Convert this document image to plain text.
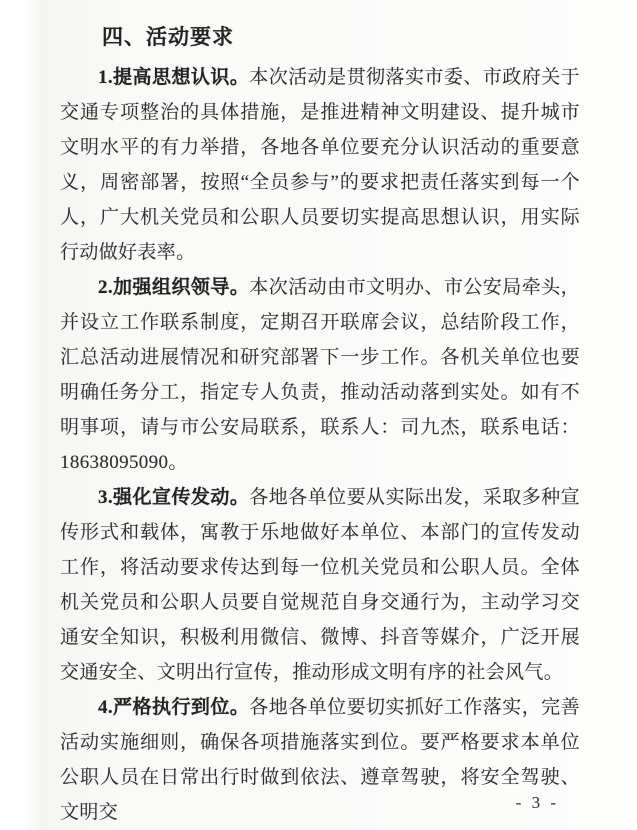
四、活动要求

1.提高思想认识。本次活动是贯彻落实市委、市政府关于交通专项整治的具体措施，是推进精神文明建设、提升城市文明水平的有力举措，各地各单位要充分认识活动的重要意义，周密部署，按照“全员参与”的要求把责任落实到每一个人，广大机关党员和公职人员要切实提高思想认识，用实际行动做好表率。

2.加强组织领导。本次活动由市文明办、市公安局牵头，并设立工作联系制度，定期召开联席会议，总结阶段工作，汇总活动进展情况和研究部署下一步工作。各机关单位也要明确任务分工，指定专人负责，推动活动落到实处。如有不明事项，请与市公安局联系，联系人：司九杰，联系电话：18638095090。

3.强化宣传发动。各地各单位要从实际出发，采取多种宣传形式和载体，寓教于乐地做好本单位、本部门的宣传发动工作，将活动要求传达到每一位机关党员和公职人员。全体机关党员和公职人员要自觉规范自身交通行为，主动学习交通安全知识，积极利用微信、微博、抖音等媒介，广泛开展交通安全、文明出行宣传，推动形成文明有序的社会风气。

4.严格执行到位。各地各单位要切实抓好工作落实，完善活动实施细则，确保各项措施落实到位。要严格要求本单位公职人员在日常出行时做到依法、遵章驾驶，将安全驾驶、文明交	- 3 -
